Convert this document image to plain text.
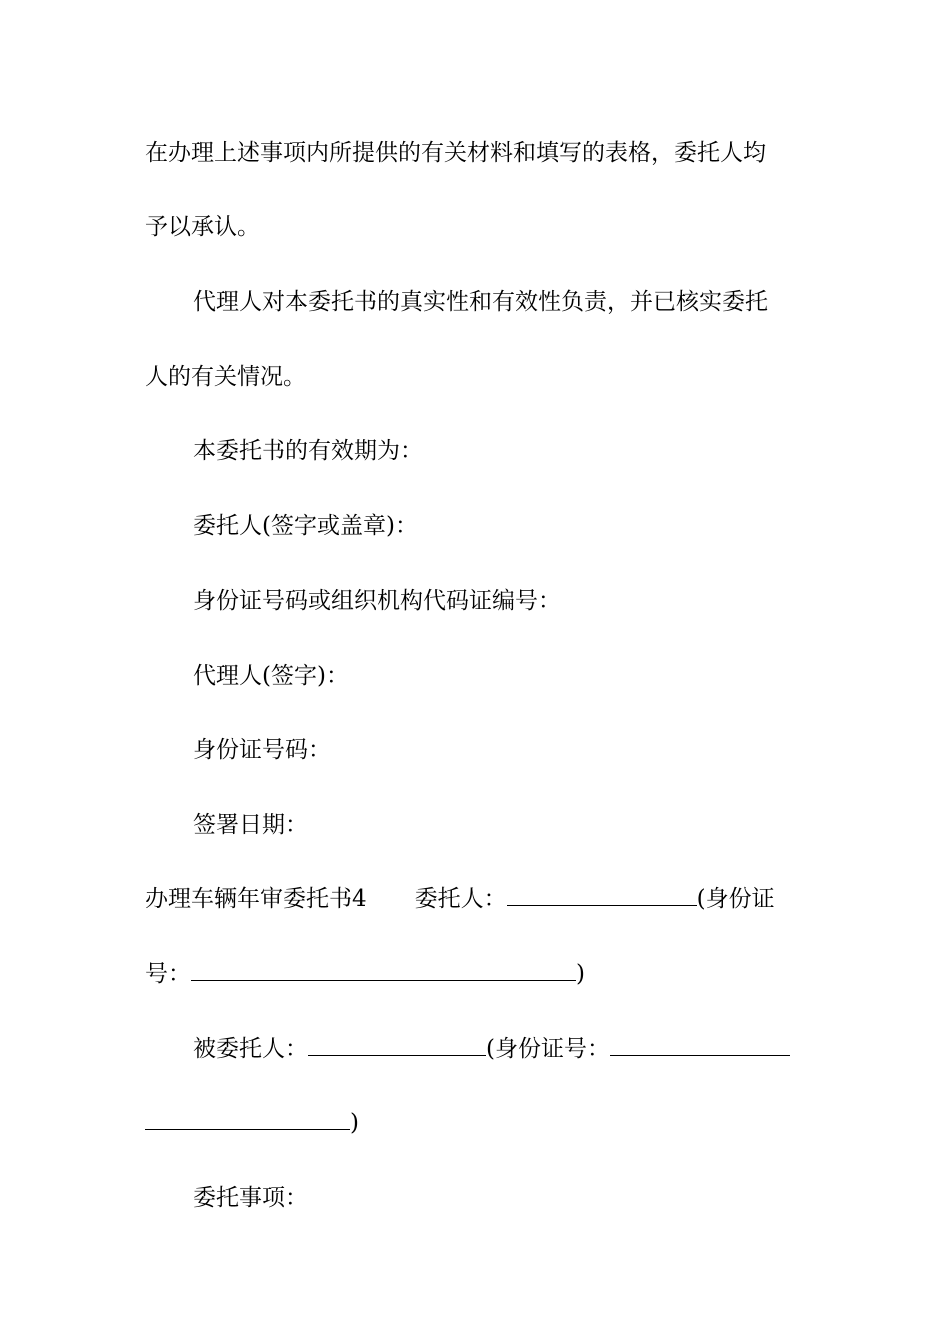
在办理上述事项内所提供的有关材料和填写的表格，委托人均
予以承认。
代理人对本委托书的真实性和有效性负责，并已核实委托
人的有关情况。
本委托书的有效期为：
委托人(签字或盖章)：
身份证号码或组织机构代码证编号：
代理人(签字)：
身份证号码：
签署日期：
办理车辆年审委托书4 委托人：	(身份证
号：	)
被委托人：	(身份证号：
)
委托事项：
